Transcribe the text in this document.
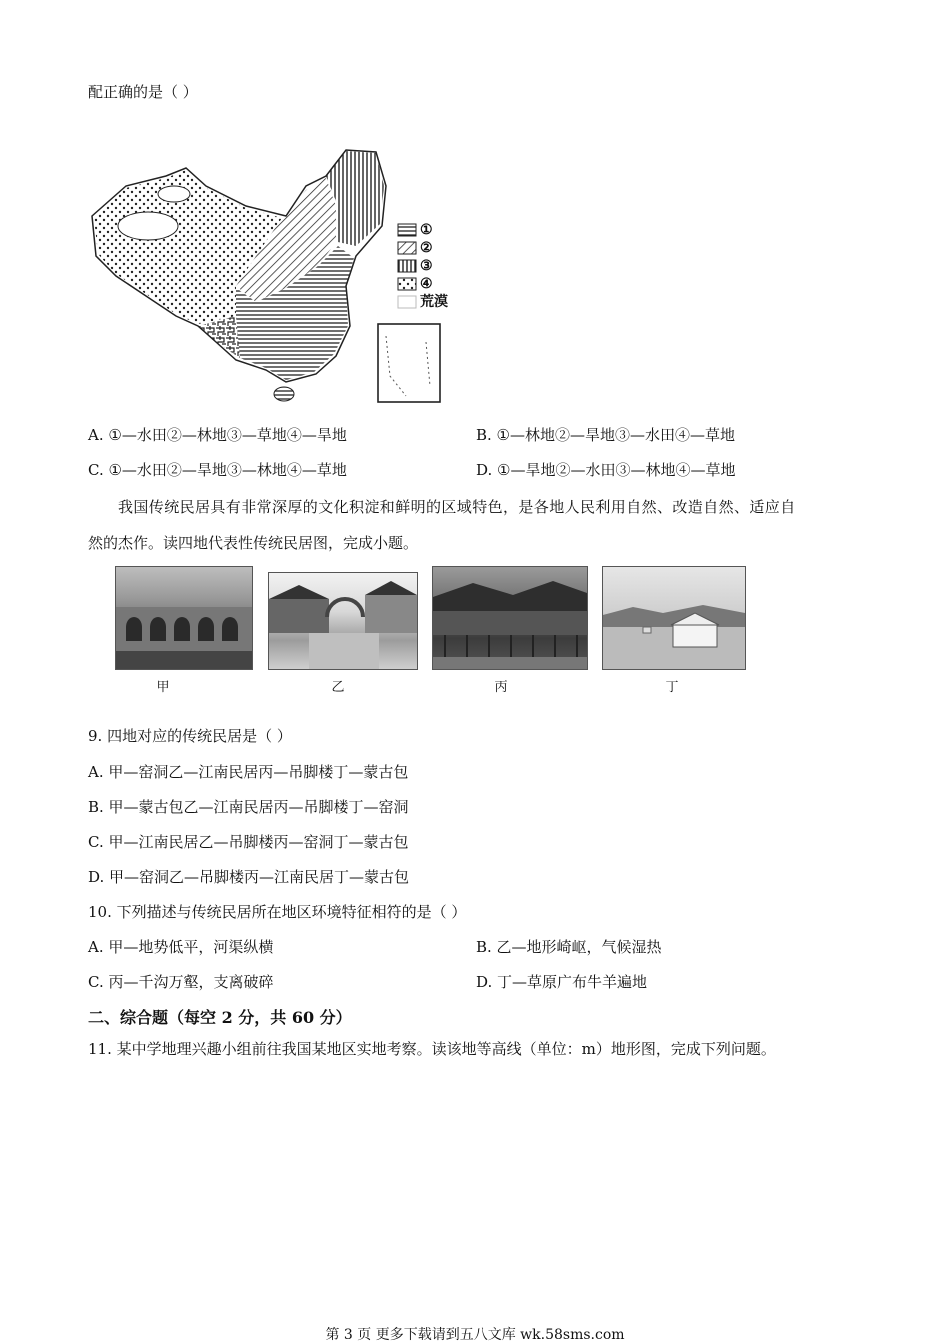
配正确的是（ ）
①
②
③
④
荒漠
A. ①—水田②—林地③—草地④—旱地	B. ①—林地②—旱地③—水田④—草地
C. ①—水田②—旱地③—林地④—草地	D. ①—旱地②—水田③—林地④—草地
我国传统民居具有非常深厚的文化积淀和鲜明的区域特色，是各地人民利用自然、改造自然、适应自
然的杰作。读四地代表性传统民居图，完成小题。
甲	乙	丙	丁
9. 四地对应的传统民居是（ ）
A. 甲—窑洞乙—江南民居丙—吊脚楼丁—蒙古包
B. 甲—蒙古包乙—江南民居丙—吊脚楼丁—窑洞
C. 甲—江南民居乙—吊脚楼丙—窑洞丁—蒙古包
D. 甲—窑洞乙—吊脚楼丙—江南民居丁—蒙古包
10. 下列描述与传统民居所在地区环境特征相符的是（ ）
A. 甲—地势低平，河渠纵横	B. 乙—地形崎岖，气候湿热
C. 丙—千沟万壑，支离破碎	D. 丁—草原广布牛羊遍地
二、综合题（每空 2 分，共 60 分）
11. 某中学地理兴趣小组前往我国某地区实地考察。读该地等高线（单位：m）地形图，完成下列问题。
第 3 页 更多下载请到五八文库 wk.58sms.com
